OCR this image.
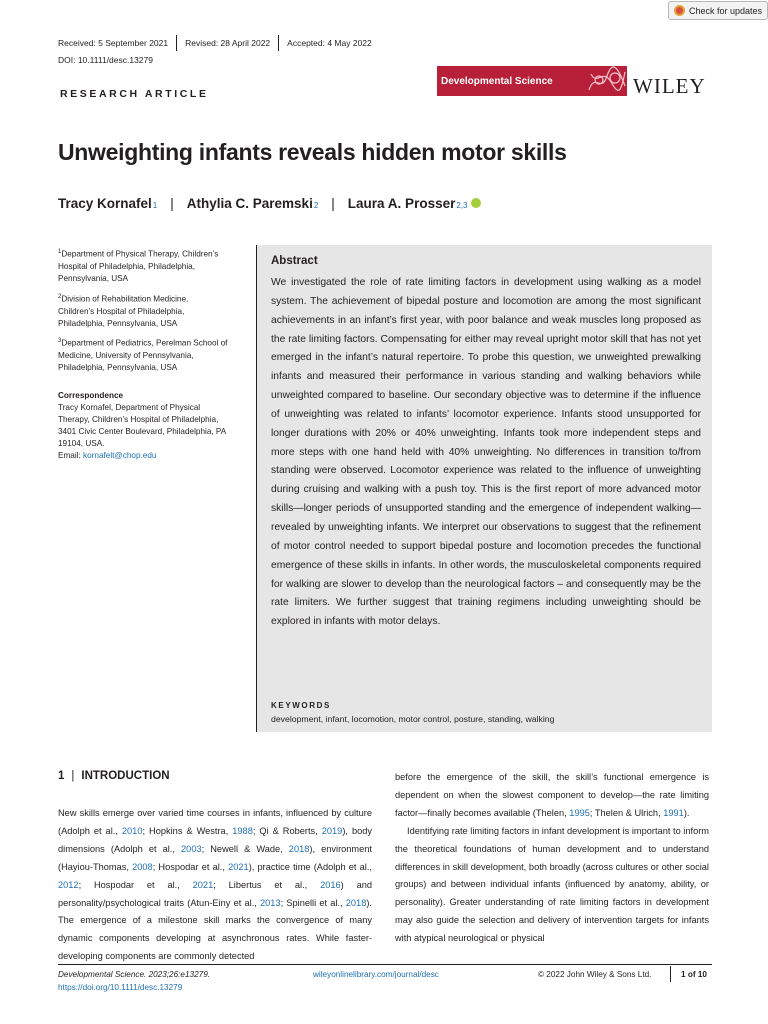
Check for updates
Received: 5 September 2021 Revised: 28 April 2022 Accepted: 4 May 2022
DOI: 10.1111/desc.13279
RESEARCH ARTICLE
Developmental Science	WILEY
Unweighting infants reveals hidden motor skills
Tracy Kornafel 1 | Athylia C. Paremski 2 | Laura A. Prosser 2,3
$^1$Department of Physical Therapy, Children’s
Hospital of Philadelphia, Philadelphia,
Pennsylvania, USA
$^2$Division of Rehabilitation Medicine,
Children’s Hospital of Philadelphia,
Philadelphia, Pennsylvania, USA
$^3$Department of Pediatrics, Perelman School of
Medicine, University of Pennsylvania,
Philadelphia, Pennsylvania, USA
Correspondence
Tracy Kornafel, Department of Physical
Therapy, Children’s Hospital of Philadelphia,
3401 Civic Center Boulevard, Philadelphia, PA
19104, USA.
Email: kornafelt@chop.edu
Abstract
We investigated the role of rate limiting factors in development using walking as a model system. The achievement of bipedal posture and locomotion are among the most significant achievements in an infant’s first year, with poor balance and weak muscles long proposed as the rate limiting factors. Compensating for either may reveal upright motor skill that has not yet emerged in the infant’s natural repertoire. To probe this question, we unweighted prewalking infants and measured their performance in various standing and walking behaviors while unweighted compared to baseline. Our secondary objective was to determine if the influence of unweighting was related to infants’ locomotor experience. Infants stood unsupported for longer durations with 20% or 40% unweighting. Infants took more independent steps and more steps with one hand held with 40% unweighting. No differences in transition to/from standing were observed. Locomotor experience was related to the influence of unweighting during cruising and walking with a push toy. This is the first report of more advanced motor skills—longer periods of unsupported standing and the emergence of independent walking—revealed by unweighting infants. We interpret our observations to suggest that the refinement of motor control needed to support bipedal posture and locomotion precedes the functional emergence of these skills in infants. In other words, the musculoskeletal components required for walking are slower to develop than the neurological factors – and consequently may be the rate limiters. We further suggest that training regimens including unweighting should be explored in infants with motor delays.
KEYWORDS
development, infant, locomotion, motor control, posture, standing, walking
1 | INTRODUCTION
New skills emerge over varied time courses in infants, influenced by culture (Adolph et al., 2010; Hopkins & Westra, 1988; Qi & Roberts, 2019), body dimensions (Adolph et al., 2003; Newell & Wade, 2018), environment (Hayiou-Thomas, 2008; Hospodar et al., 2021), practice time (Adolph et al., 2012; Hospodar et al., 2021; Libertus et al., 2016) and personality/psychological traits (Atun-Einy et al., 2013; Spinelli et al., 2018). The emergence of a milestone skill marks the convergence of many dynamic components developing at asynchronous rates. While faster-developing components are commonly detected
before the emergence of the skill, the skill’s functional emergence is dependent on when the slowest component to develop—the rate limiting factor—finally becomes available (Thelen, 1995; Thelen & Ulrich, 1991).
Identifying rate limiting factors in infant development is important to inform the theoretical foundations of human development and to understand differences in skill development, both broadly (across cultures or other social groups) and between individual infants (influenced by anatomy, ability, or personality). Greater understanding of rate limiting factors in development may also guide the selection and delivery of intervention targets for infants with atypical neurological or physical
Developmental Science. 2023;26:e13279.
https://doi.org/10.1111/desc.13279
wileyonlinelibrary.com/journal/desc	© 2022 John Wiley & Sons Ltd.	1 of 10
